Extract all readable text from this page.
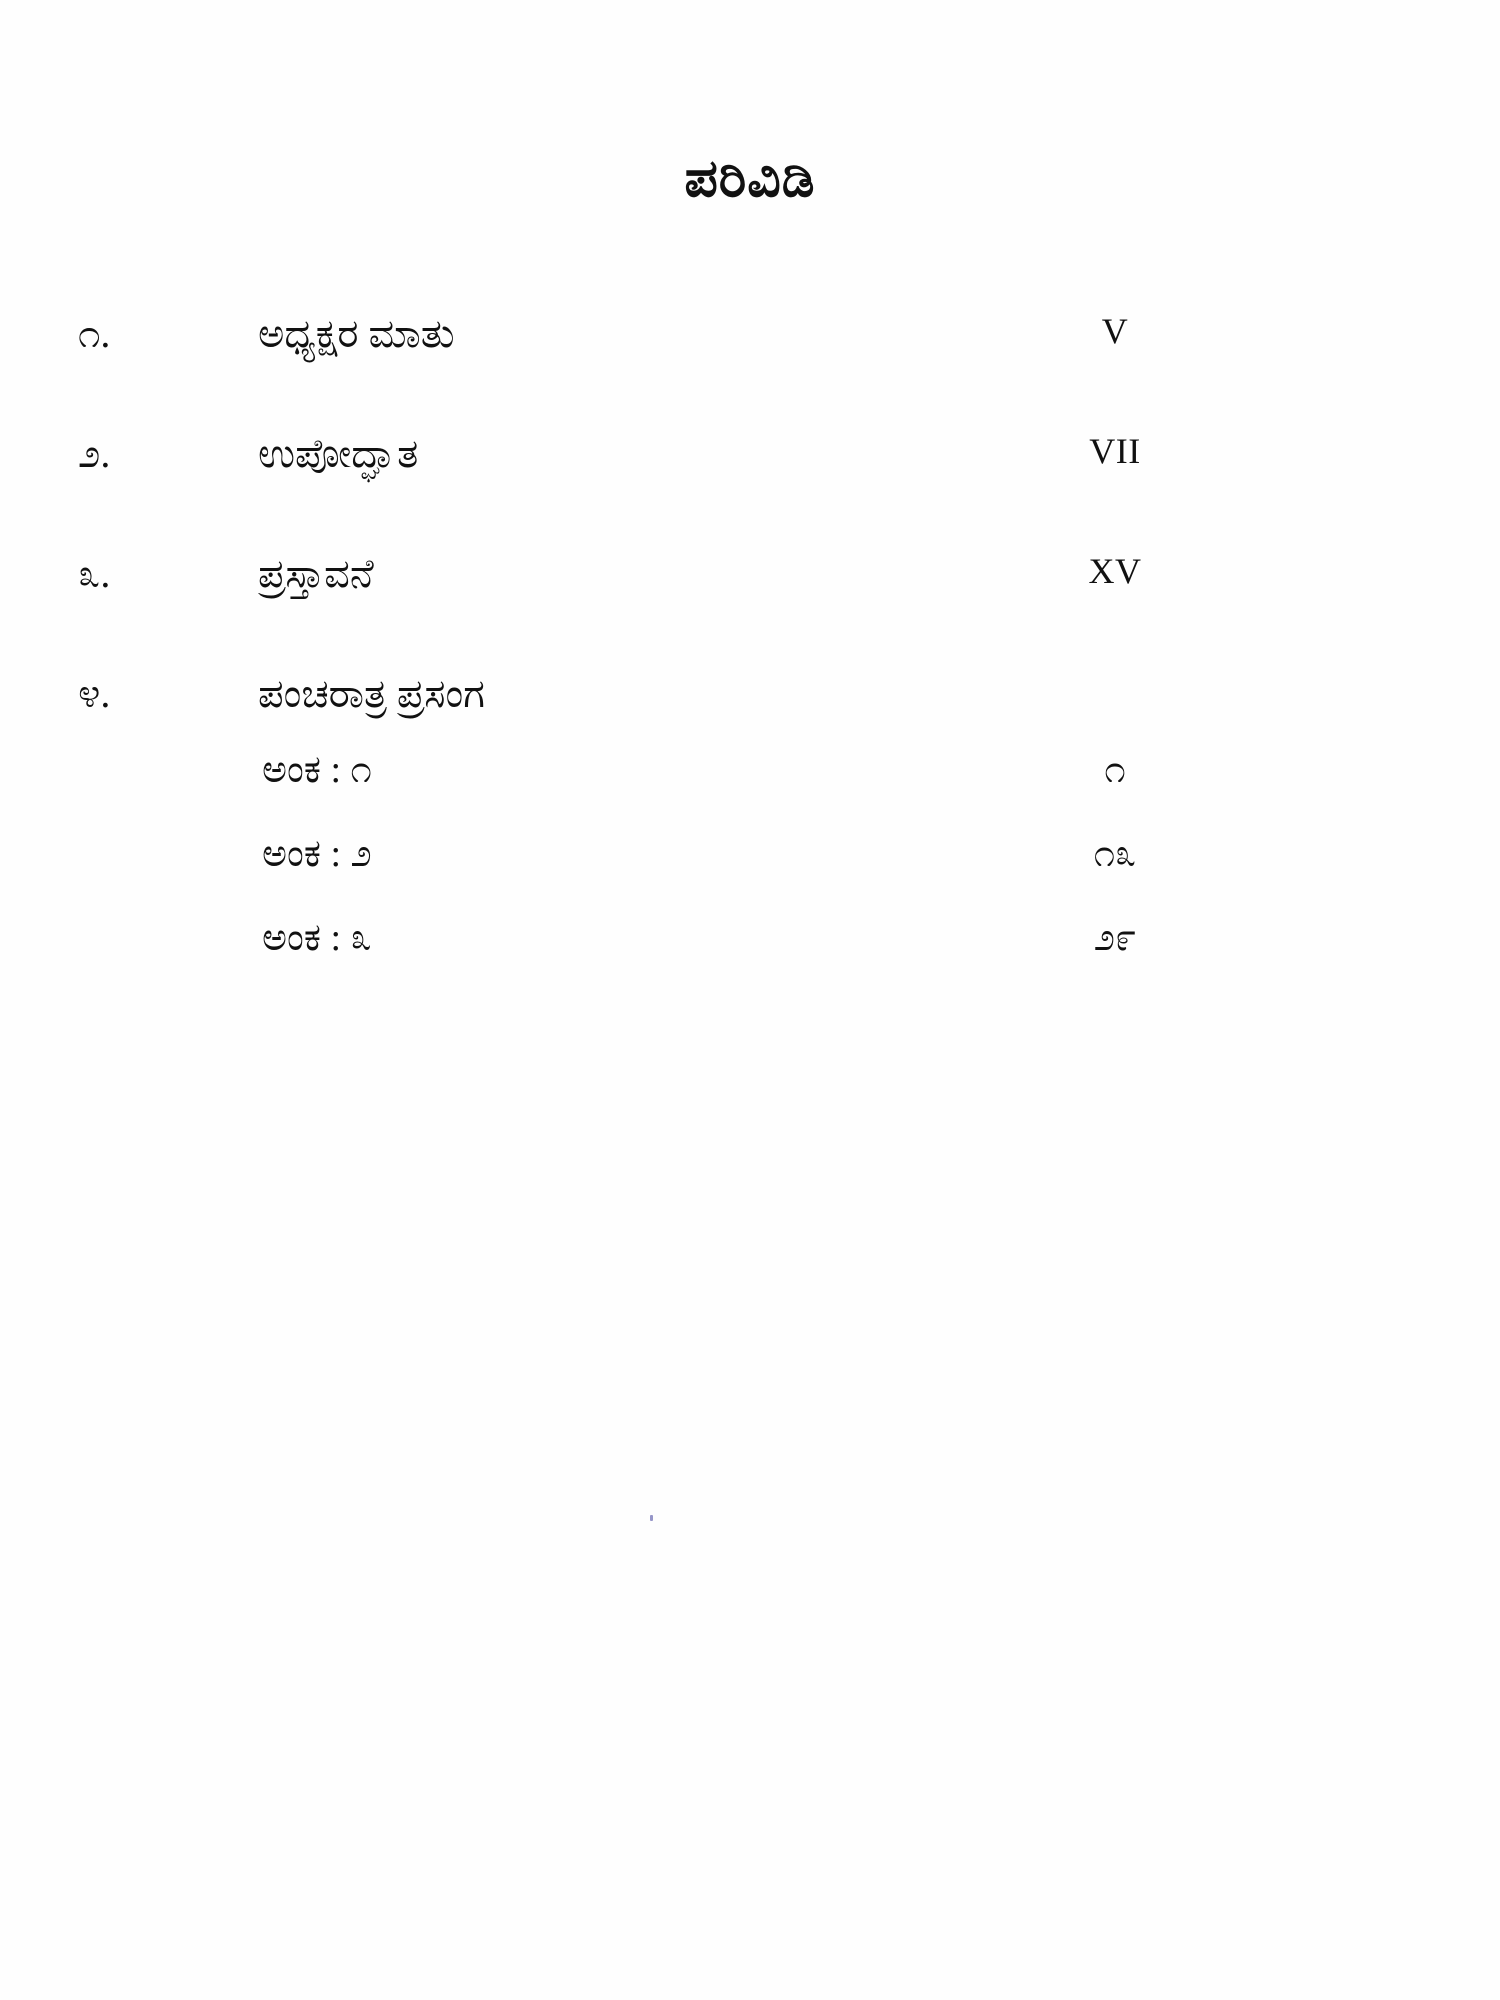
ಪರಿವಿಡಿ
೧.	ಅಧ್ಯಕ್ಷರ ಮಾತು	V
೨.	ಉಪೋದ್ಘಾತ	VII
೩.	ಪ್ರಸ್ತಾವನೆ	XV
೪.	ಪಂಚರಾತ್ರ ಪ್ರಸಂಗ
ಅಂಕ : ೧	೧
ಅಂಕ : ೨	೧೩
ಅಂಕ : ೩	೨೯
